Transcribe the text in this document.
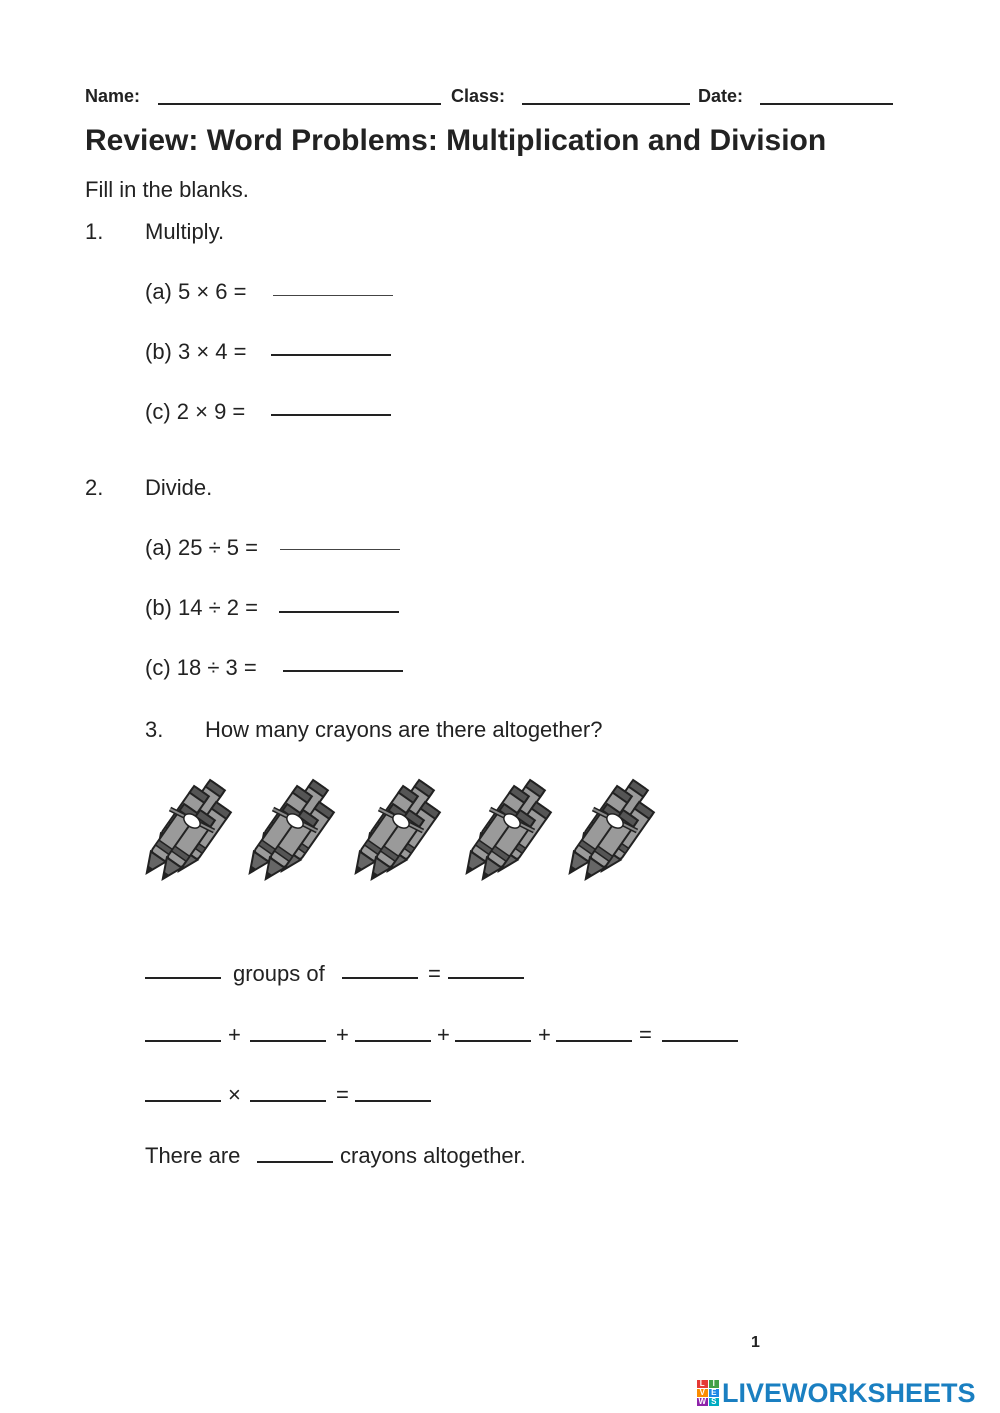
Name:	Class:	Date:
Review: Word Problems: Multiplication and Division
Fill in the blanks.
1. Multiply.
(a) 5 × 6 =
(b) 3 × 4 =
(c) 2 × 9 =
2. Divide.
(a) 25 ÷ 5 =
(b) 14 ÷ 2 =
(c) 18 ÷ 3 =
3. How many crayons are there altogether?
groups of	=
+	+	+	+	=
×	=
There are	crayons altogether.
1
L I
V E
W S LIVEWORKSHEETS
